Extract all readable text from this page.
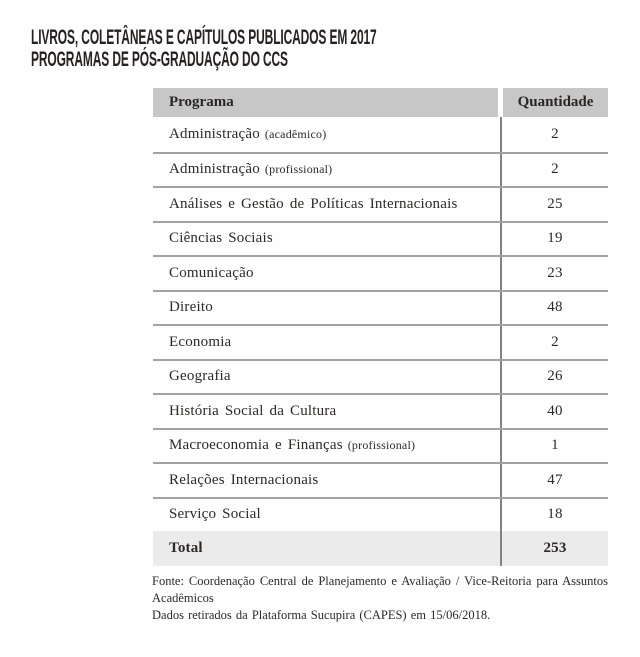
LIVROS, COLETÂNEAS E CAPÍTULOS PUBLICADOS EM 2017
PROGRAMAS DE PÓS-GRADUAÇÃO DO CCS
Programa	Quantidade
Administração (acadêmico)	2
Administração (profissional)	2
Análises e Gestão de Políticas Internacionais	25
Ciências Sociais	19
Comunicação	23
Direito	48
Economia	2
Geografia	26
História Social da Cultura	40
Macroeconomia e Finanças (profissional)	1
Relações Internacionais	47
Serviço Social	18
Total	253
Fonte: Coordenação Central de Planejamento e Avaliação / Vice-Reitoria para Assuntos
Acadêmicos
Dados retirados da Plataforma Sucupira (CAPES) em 15/06/2018.
